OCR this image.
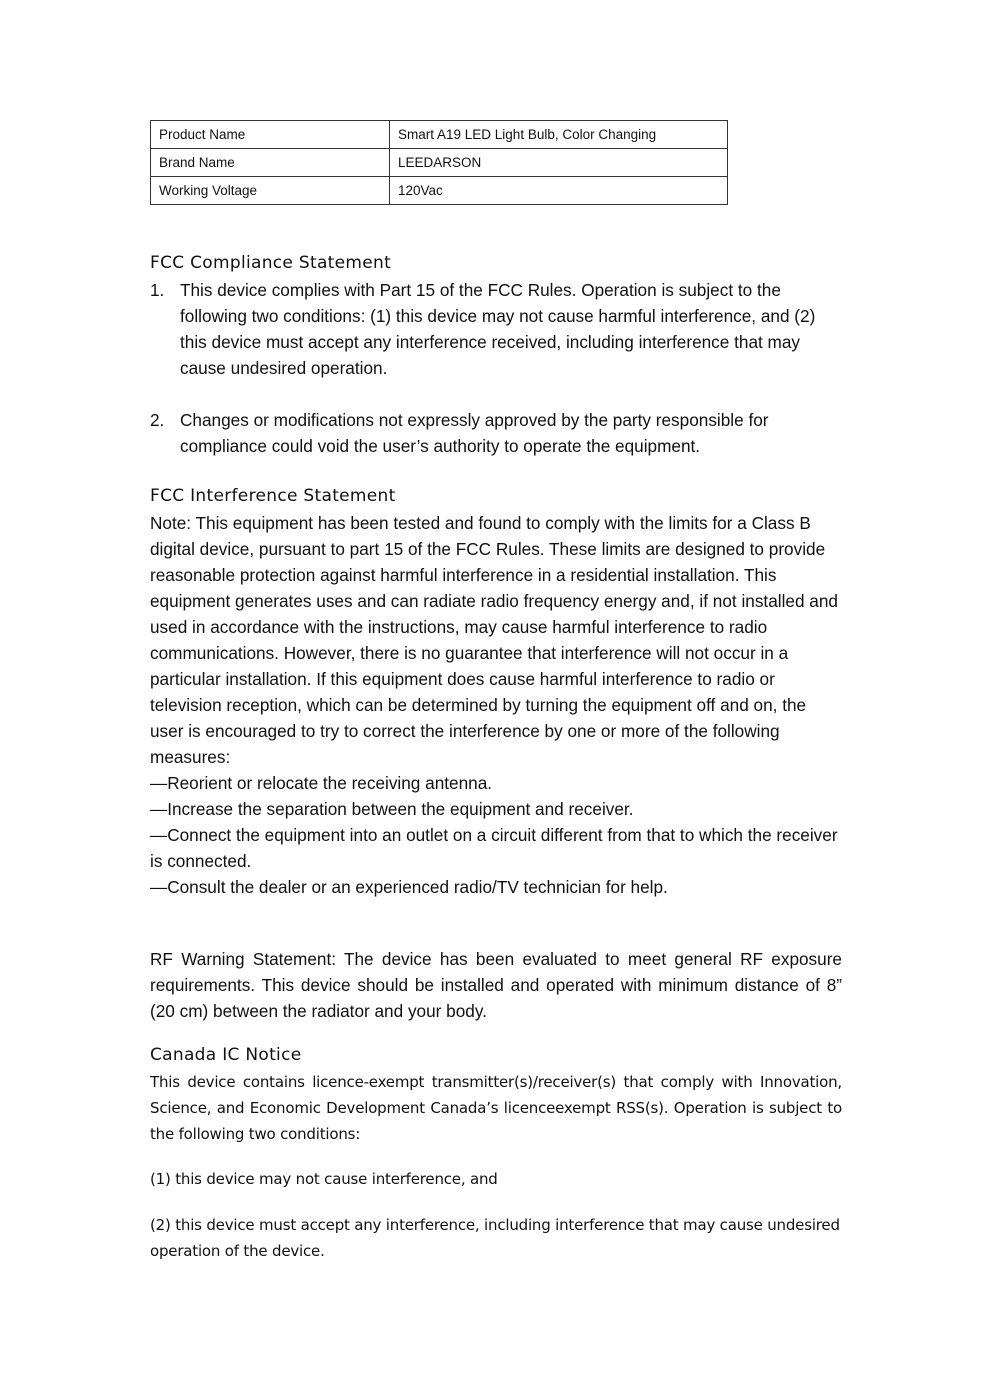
Product Name	Smart A19 LED Light Bulb, Color Changing
Brand Name	LEEDARSON
Working Voltage	120Vac
FCC Compliance Statement
1. This device complies with Part 15 of the FCC Rules. Operation is subject to the following two conditions: (1) this device may not cause harmful interference, and (2) this device must accept any interference received, including interference that may cause undesired operation.
2. Changes or modifications not expressly approved by the party responsible for compliance could void the user’s authority to operate the equipment.
FCC Interference Statement

Note: This equipment has been tested and found to comply with the limits for a Class B digital device, pursuant to part 15 of the FCC Rules. These limits are designed to provide reasonable protection against harmful interference in a residential installation. This equipment generates uses and can radiate radio frequency energy and, if not installed and used in accordance with the instructions, may cause harmful interference to radio communications. However, there is no guarantee that interference will not occur in a particular installation. If this equipment does cause harmful interference to radio or television reception, which can be determined by turning the equipment off and on, the user is encouraged to try to correct the interference by one or more of the following measures:

—Reorient or relocate the receiving antenna.

—Increase the separation between the equipment and receiver.

—Connect the equipment into an outlet on a circuit different from that to which the receiver is connected.

—Consult the dealer or an experienced radio/TV technician for help.

RF Warning Statement: The device has been evaluated to meet general RF exposure requirements. This device should be installed and operated with minimum distance of 8” (20 cm) between the radiator and your body.
Canada IC Notice
This device contains licence-exempt transmitter(s)/receiver(s) that comply with Innovation, Science, and Economic Development Canada’s licenceexempt RSS(s). Operation is subject to the following two conditions:
(1) this device may not cause interference, and
(2) this device must accept any interference, including interference that may cause undesired operation of the device.
